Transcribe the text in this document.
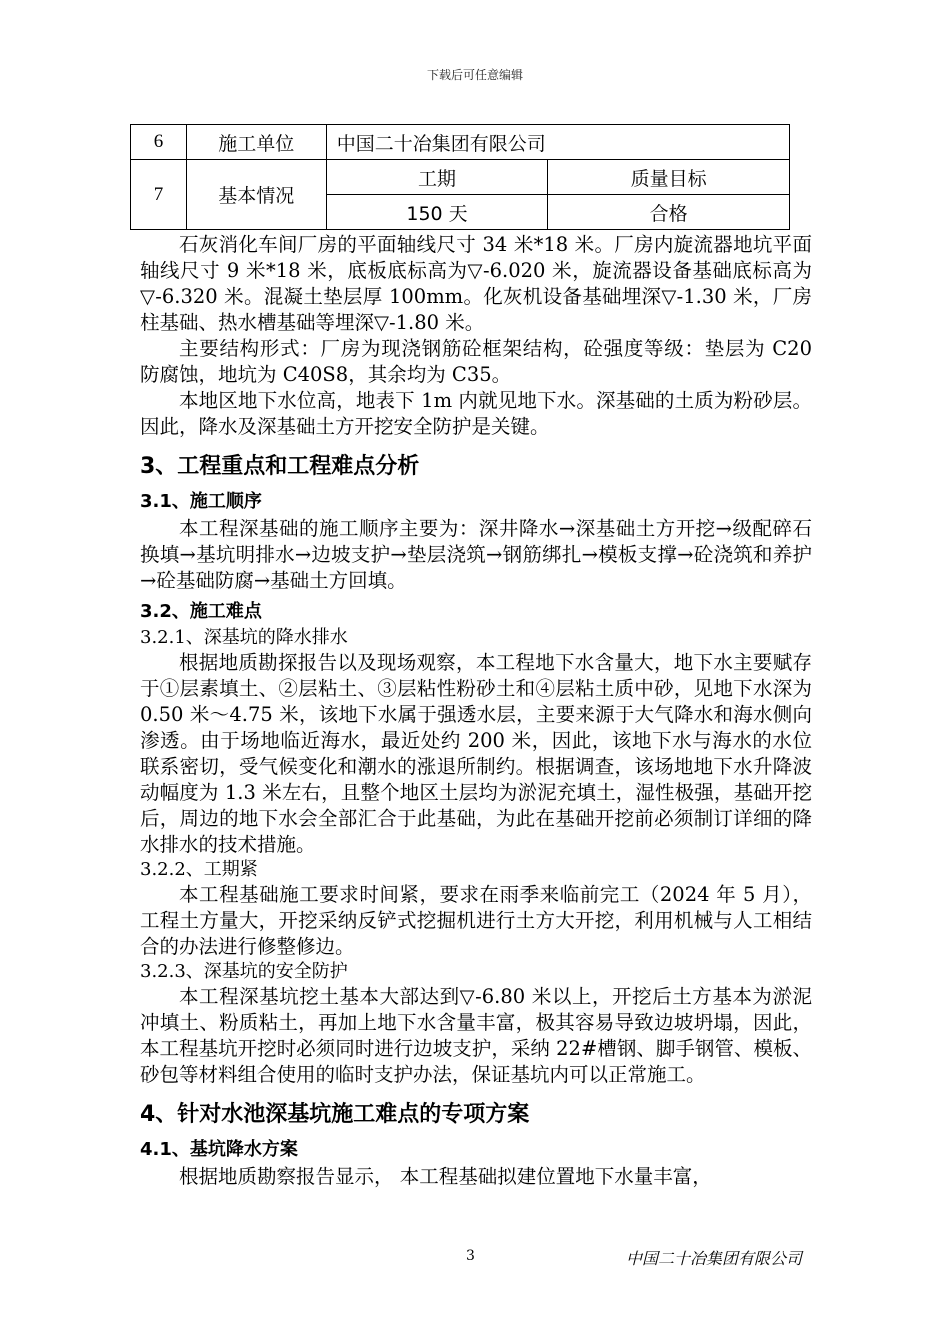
下载后可任意编辑
6	施工单位	中国二十冶集团有限公司	
7	基本情况	工期	质量目标
		150 天	合格

石灰消化车间厂房的平面轴线尺寸 34 米*18 米。厂房内旋流器地坑平面轴线尺寸 9 米*18 米，底板底标高为▽-6.020 米，旋流器设备基础底标高为▽-6.320 米。混凝土垫层厚 100mm。化灰机设备基础埋深▽-1.30 米，厂房柱基础、热水槽基础等埋深▽-1.80 米。

主要结构形式：厂房为现浇钢筋砼框架结构，砼强度等级：垫层为 C20 防腐蚀，地坑为 C40S8，其余均为 C35。

本地区地下水位高，地表下 1m 内就见地下水。深基础的土质为粉砂层。因此，降水及深基础土方开挖安全防护是关键。

3、工程重点和工程难点分析
3.1、施工顺序

本工程深基础的施工顺序主要为：深井降水→深基础土方开挖→级配碎石换填→基坑明排水→边坡支护→垫层浇筑→钢筋绑扎→模板支撑→砼浇筑和养护→砼基础防腐→基础土方回填。

3.2、施工难点
3.2.1、深基坑的降水排水

根据地质勘探报告以及现场观察，本工程地下水含量大，地下水主要赋存于①层素填土、②层粘土、③层粘性粉砂土和④层粘土质中砂，见地下水深为 0.50 米～4.75 米，该地下水属于强透水层，主要来源于大气降水和海水侧向渗透。由于场地临近海水，最近处约 200 米，因此，该地下水与海水的水位联系密切，受气候变化和潮水的涨退所制约。根据调查，该场地地下水升降波动幅度为 1.3 米左右，且整个地区土层均为淤泥充填土，湿性极强，基础开挖后，周边的地下水会全部汇合于此基础，为此在基础开挖前必须制订详细的降水排水的技术措施。

3.2.2、工期紧

本工程基础施工要求时间紧，要求在雨季来临前完工（2024 年 5 月），工程土方量大，开挖采纳反铲式挖掘机进行土方大开挖，利用机械与人工相结合的办法进行修整修边。

3.2.3、深基坑的安全防护

本工程深基坑挖土基本大部达到▽-6.80 米以上，开挖后土方基本为淤泥冲填土、粉质粘土，再加上地下水含量丰富，极其容易导致边坡坍塌，因此，本工程基坑开挖时必须同时进行边坡支护，采纳 22#槽钢、脚手钢管、模板、砂包等材料组合使用的临时支护办法，保证基坑内可以正常施工。

4、针对水池深基坑施工难点的专项方案
4.1、基坑降水方案

根据地质勘察报告显示， 本工程基础拟建位置地下水量丰富，

3	中国二十冶集团有限公司
